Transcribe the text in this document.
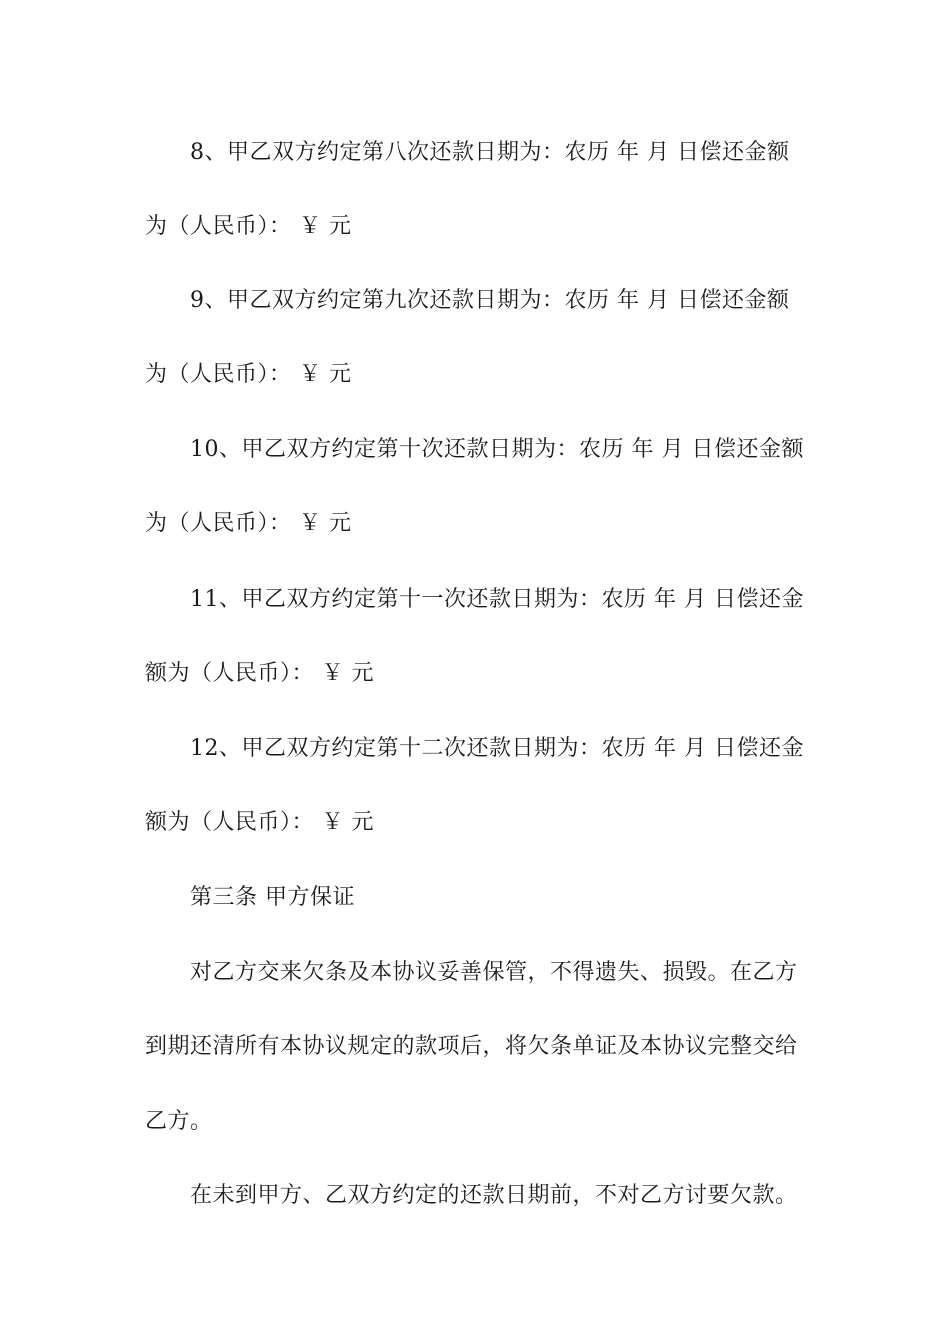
8、甲乙双方约定第八次还款日期为：农历 年 月 日偿还金额
为（人民币）： ￥ 元
9、甲乙双方约定第九次还款日期为：农历 年 月 日偿还金额
为（人民币）： ￥ 元
10、甲乙双方约定第十次还款日期为：农历 年 月 日偿还金额
为（人民币）： ￥ 元
11、甲乙双方约定第十一次还款日期为：农历 年 月 日偿还金
额为（人民币）： ￥ 元
12、甲乙双方约定第十二次还款日期为：农历 年 月 日偿还金
额为（人民币）： ￥ 元
第三条 甲方保证
对乙方交来欠条及本协议妥善保管，不得遗失、损毁。在乙方
到期还清所有本协议规定的款项后，将欠条单证及本协议完整交给
乙方。
在未到甲方、乙双方约定的还款日期前，不对乙方讨要欠款。
